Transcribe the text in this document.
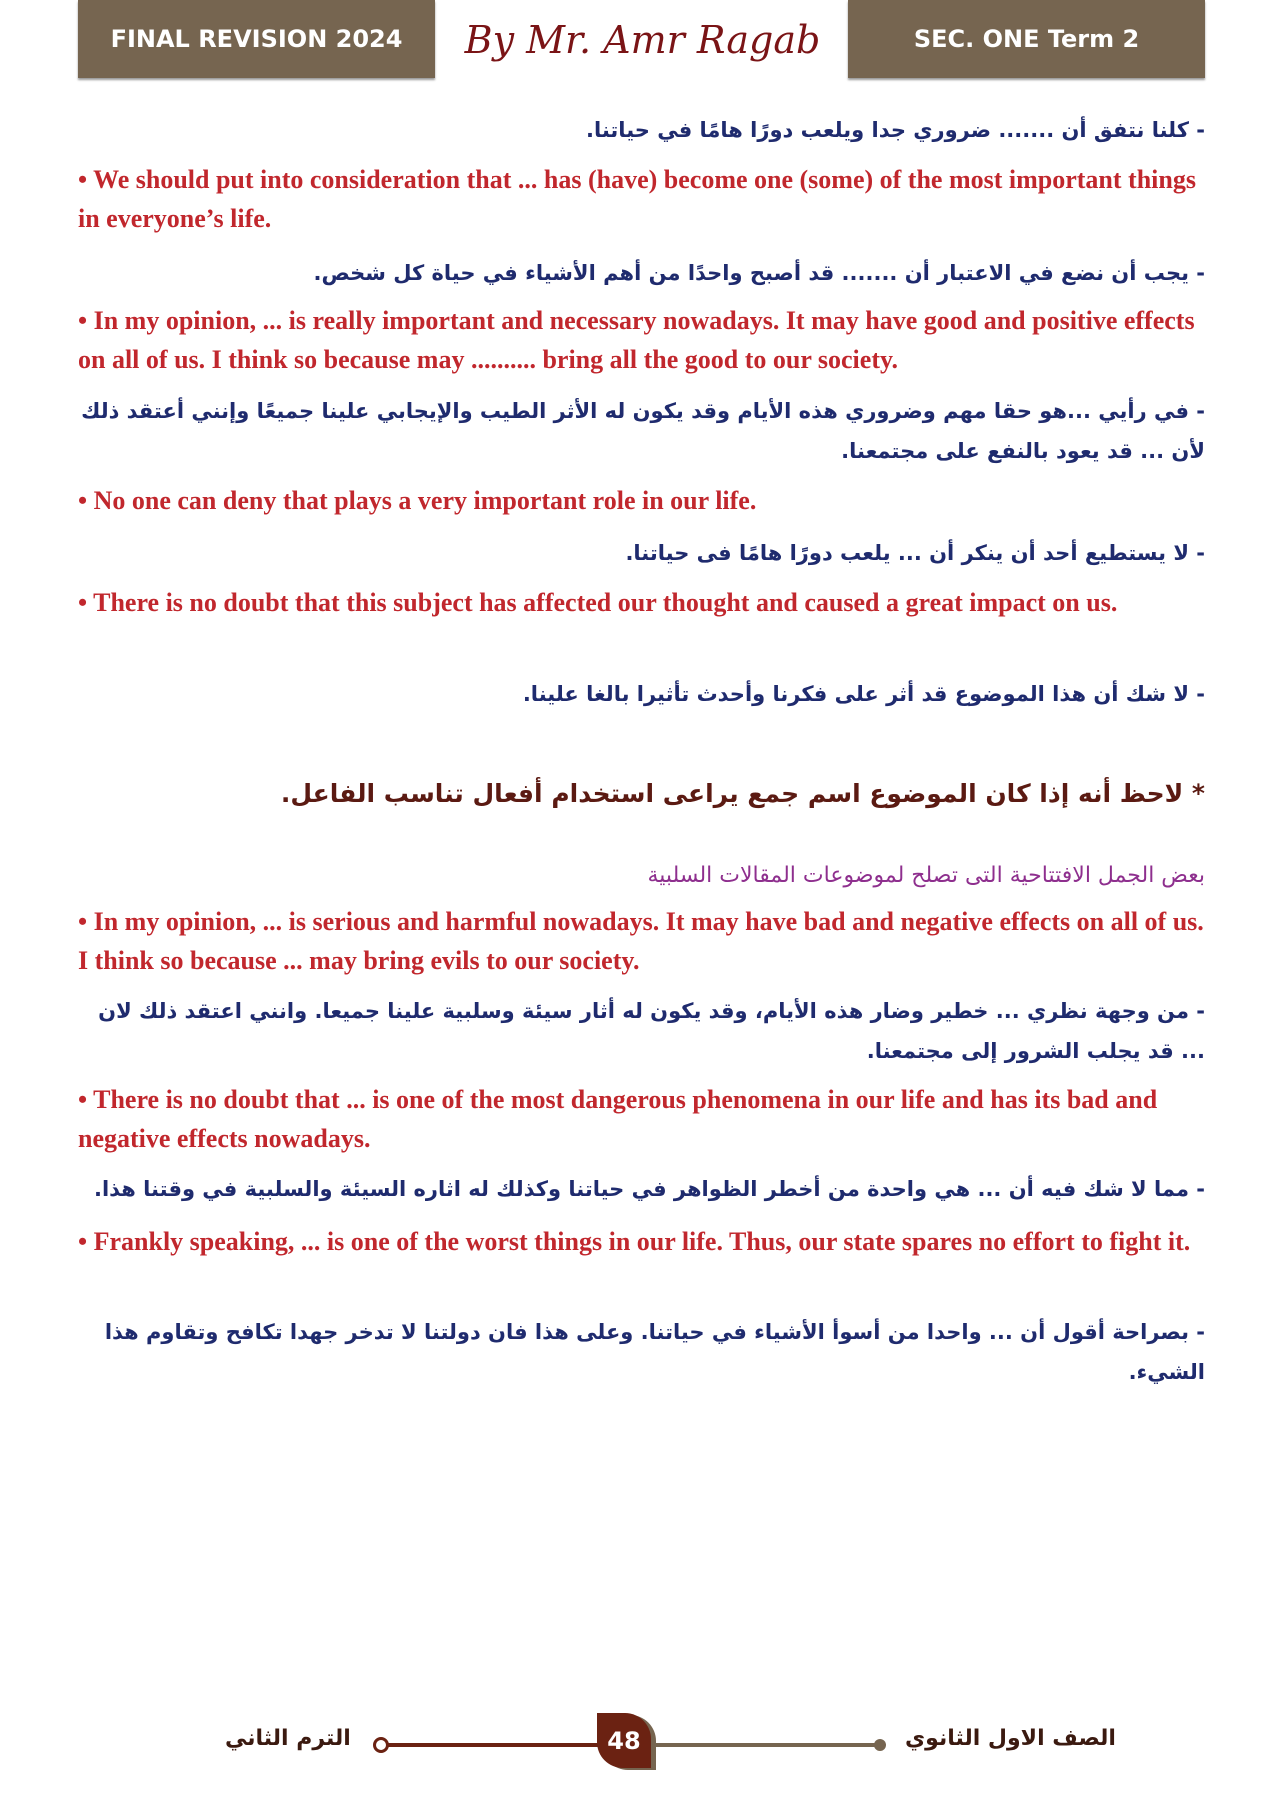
FINAL REVISION 2024	By Mr. Amr Ragab	SEC. ONE Term 2
- كلنا نتفق أن ....... ضروري جدا ويلعب دورًا هامًا في حياتنا.
• We should put into consideration that ... has (have) become one (some) of the most important things in everyone’s life.
- يجب أن نضع في الاعتبار أن ....... قد أصبح واحدًا من أهم الأشياء في حياة كل شخص.
• In my opinion, ... is really important and necessary nowadays. It may have good and positive effects on all of us. I think so because may .......... bring all the good to our society.
- في رأيي ...هو حقا مهم وضروري هذه الأيام وقد يكون له الأثر الطيب والإيجابي علينا جميعًا وإنني أعتقد ذلك لأن ... قد يعود بالنفع على مجتمعنا.
• No one can deny that plays a very important role in our life.
- لا يستطيع أحد أن ينكر أن ... يلعب دورًا هامًا فى حياتنا.
• There is no doubt that this subject has affected our thought and caused a great impact on us.
- لا شك أن هذا الموضوع قد أثر على فكرنا وأحدث تأثيرا بالغا علينا.
* لاحظ أنه إذا كان الموضوع اسم جمع يراعى استخدام أفعال تناسب الفاعل.
بعض الجمل الافتتاحية التى تصلح لموضوعات المقالات السلبية
• In my opinion, ... is serious and harmful nowadays. It may have bad and negative effects on all of us. I think so because ... may bring evils to our society.
- من وجهة نظري ... خطير وضار هذه الأيام، وقد يكون له أثار سيئة وسلبية علينا جميعا. وانني اعتقد ذلك لان ... قد يجلب الشرور إلى مجتمعنا.
• There is no doubt that ... is one of the most dangerous phenomena in our life and has its bad and negative effects nowadays.
- مما لا شك فيه أن ... هي واحدة من أخطر الظواهر في حياتنا وكذلك له اثاره السيئة والسلبية في وقتنا هذا.
• Frankly speaking, ... is one of the worst things in our life. Thus, our state spares no effort to fight it.
- بصراحة أقول أن ... واحدا من أسوأ الأشياء في حياتنا. وعلى هذا فان دولتنا لا تدخر جهدا تكافح وتقاوم هذا الشيء.
الترم الثاني	48	الصف الاول الثانوي
